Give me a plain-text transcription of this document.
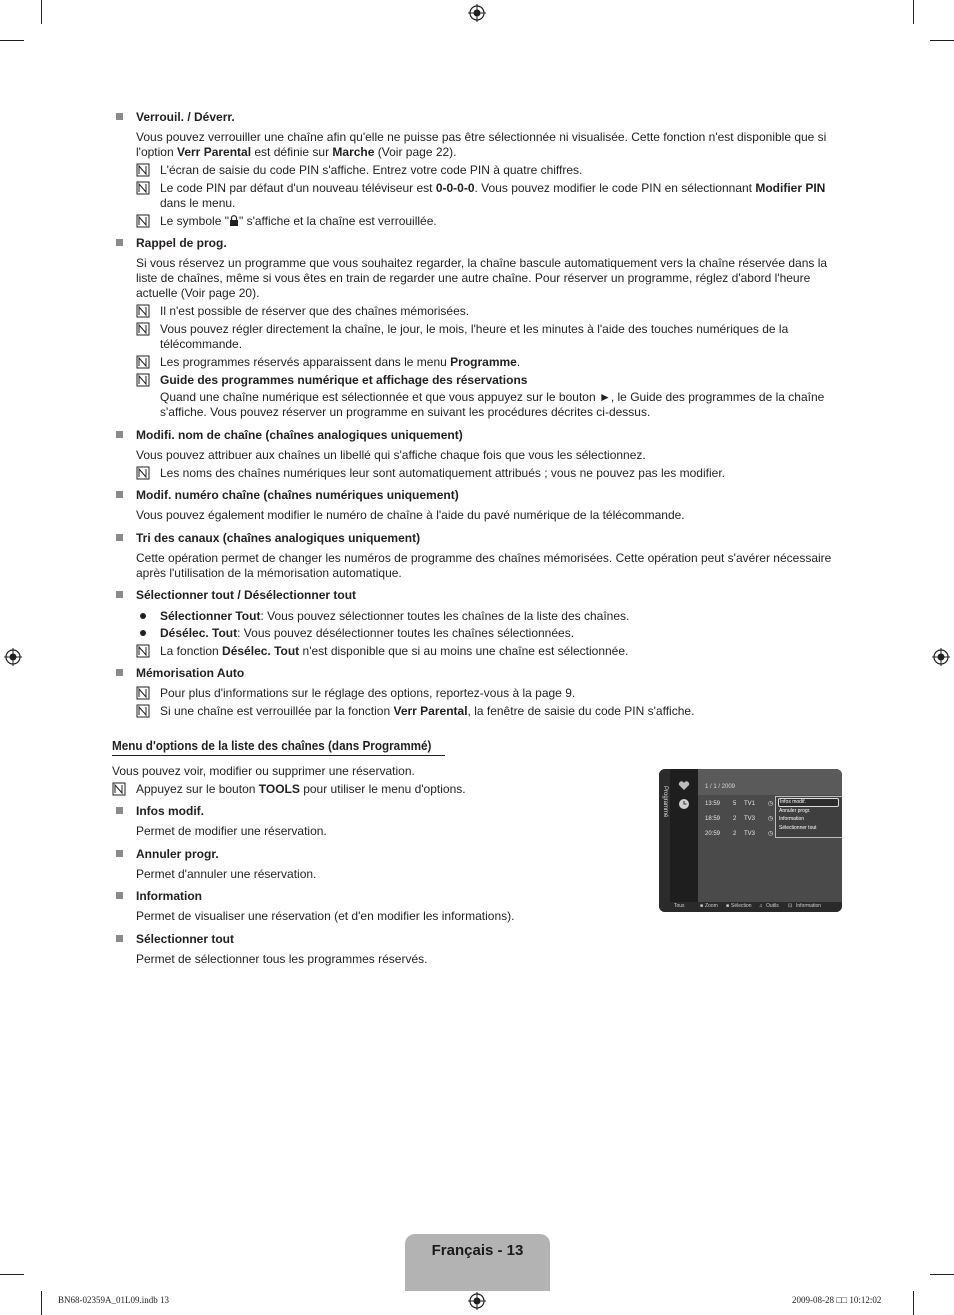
Verrouil. / Déverr.
Vous pouvez verrouiller une chaîne afin qu'elle ne puisse pas être sélectionnée ni visualisée. Cette fonction n'est disponible que si l'option Verr Parental est définie sur Marche (Voir page 22).
L'écran de saisie du code PIN s'affiche. Entrez votre code PIN à quatre chiffres.
Le code PIN par défaut d'un nouveau téléviseur est 0-0-0-0. Vous pouvez modifier le code PIN en sélectionnant Modifier PIN dans le menu.
Le symbole " " s'affiche et la chaîne est verrouillée.
Rappel de prog.
Si vous réservez un programme que vous souhaitez regarder, la chaîne bascule automatiquement vers la chaîne réservée dans la liste de chaînes, même si vous êtes en train de regarder une autre chaîne. Pour réserver un programme, réglez d'abord l'heure actuelle (Voir page 20).
Il n'est possible de réserver que des chaînes mémorisées.
Vous pouvez régler directement la chaîne, le jour, le mois, l'heure et les minutes à l'aide des touches numériques de la télécommande.
Les programmes réservés apparaissent dans le menu Programme.
Guide des programmes numérique et affichage des réservations
Quand une chaîne numérique est sélectionnée et que vous appuyez sur le bouton ►, le Guide des programmes de la chaîne s'affiche. Vous pouvez réserver un programme en suivant les procédures décrites ci-dessus.
Modifi. nom de chaîne (chaînes analogiques uniquement)
Vous pouvez attribuer aux chaînes un libellé qui s'affiche chaque fois que vous les sélectionnez.
Les noms des chaînes numériques leur sont automatiquement attribués ; vous ne pouvez pas les modifier.
Modif. numéro chaîne (chaînes numériques uniquement)
Vous pouvez également modifier le numéro de chaîne à l'aide du pavé numérique de la télécommande.
Tri des canaux (chaînes analogiques uniquement)
Cette opération permet de changer les numéros de programme des chaînes mémorisées. Cette opération peut s'avérer nécessaire après l'utilisation de la mémorisation automatique.
Sélectionner tout / Désélectionner tout
Sélectionner Tout: Vous pouvez sélectionner toutes les chaînes de la liste des chaînes.
Désélec. Tout: Vous pouvez désélectionner toutes les chaînes sélectionnées.
La fonction Désélec. Tout n'est disponible que si au moins une chaîne est sélectionnée.
Mémorisation Auto
Pour plus d'informations sur le réglage des options, reportez-vous à la page 9.
Si une chaîne est verrouillée par la fonction Verr Parental, la fenêtre de saisie du code PIN s'affiche.
Menu d'options de la liste des chaînes (dans Programmé)
Vous pouvez voir, modifier ou supprimer une réservation.
Appuyez sur le bouton TOOLS pour utiliser le menu d'options.
Infos modif.
Permet de modifier une réservation.
Annuler progr.
Permet d'annuler une réservation.
Information
Permet de visualiser une réservation (et d'en modifier les informations).
Sélectionner tout
Permet de sélectionner tous les programmes réservés.
Programmé	1 / 1 / 2009
13:59 5 TV1 ◷
18:59 2 TV3 ◷
20:59 2 TV3 ◷
Infos modif.
Annuler progr.
Information
Sélectionner tout
Tous	■ Zoom ■ Sélection ♫ Outils ⊡ Information
Français - 13
BN68-02359A_01L09.indb 13	2009-08-28 □□ 10:12:02
